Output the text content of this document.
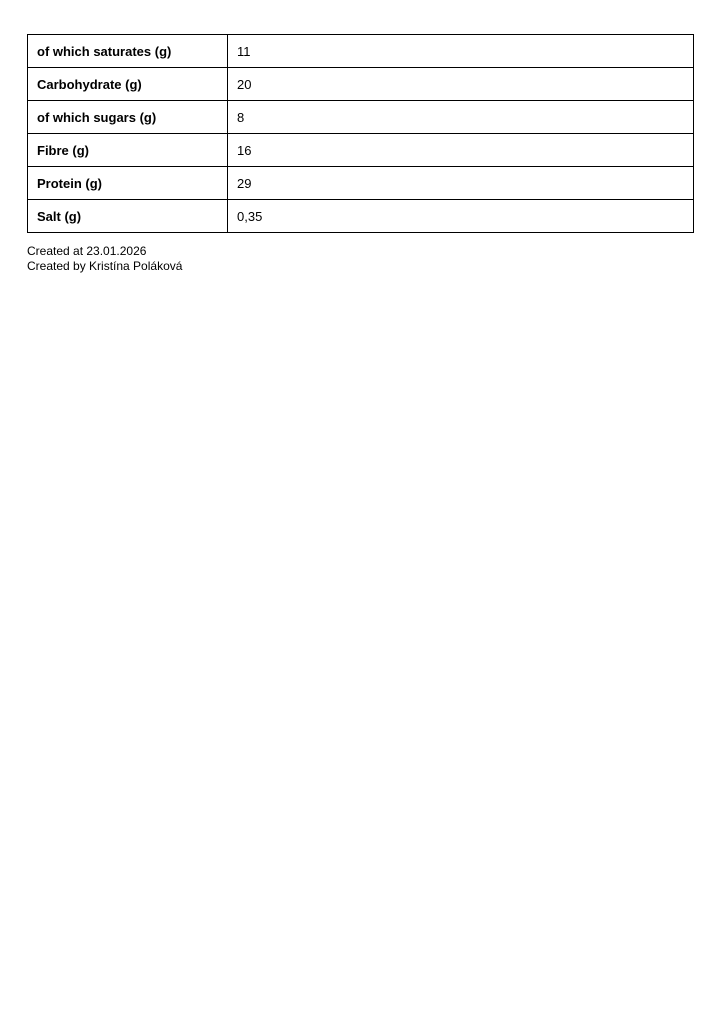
of which saturates (g)	11
Carbohydrate (g)	20
of which sugars (g)	8
Fibre (g)	16
Protein (g)	29
Salt (g)	0,35
Created at 23.01.2026
Created by Kristína Poláková
